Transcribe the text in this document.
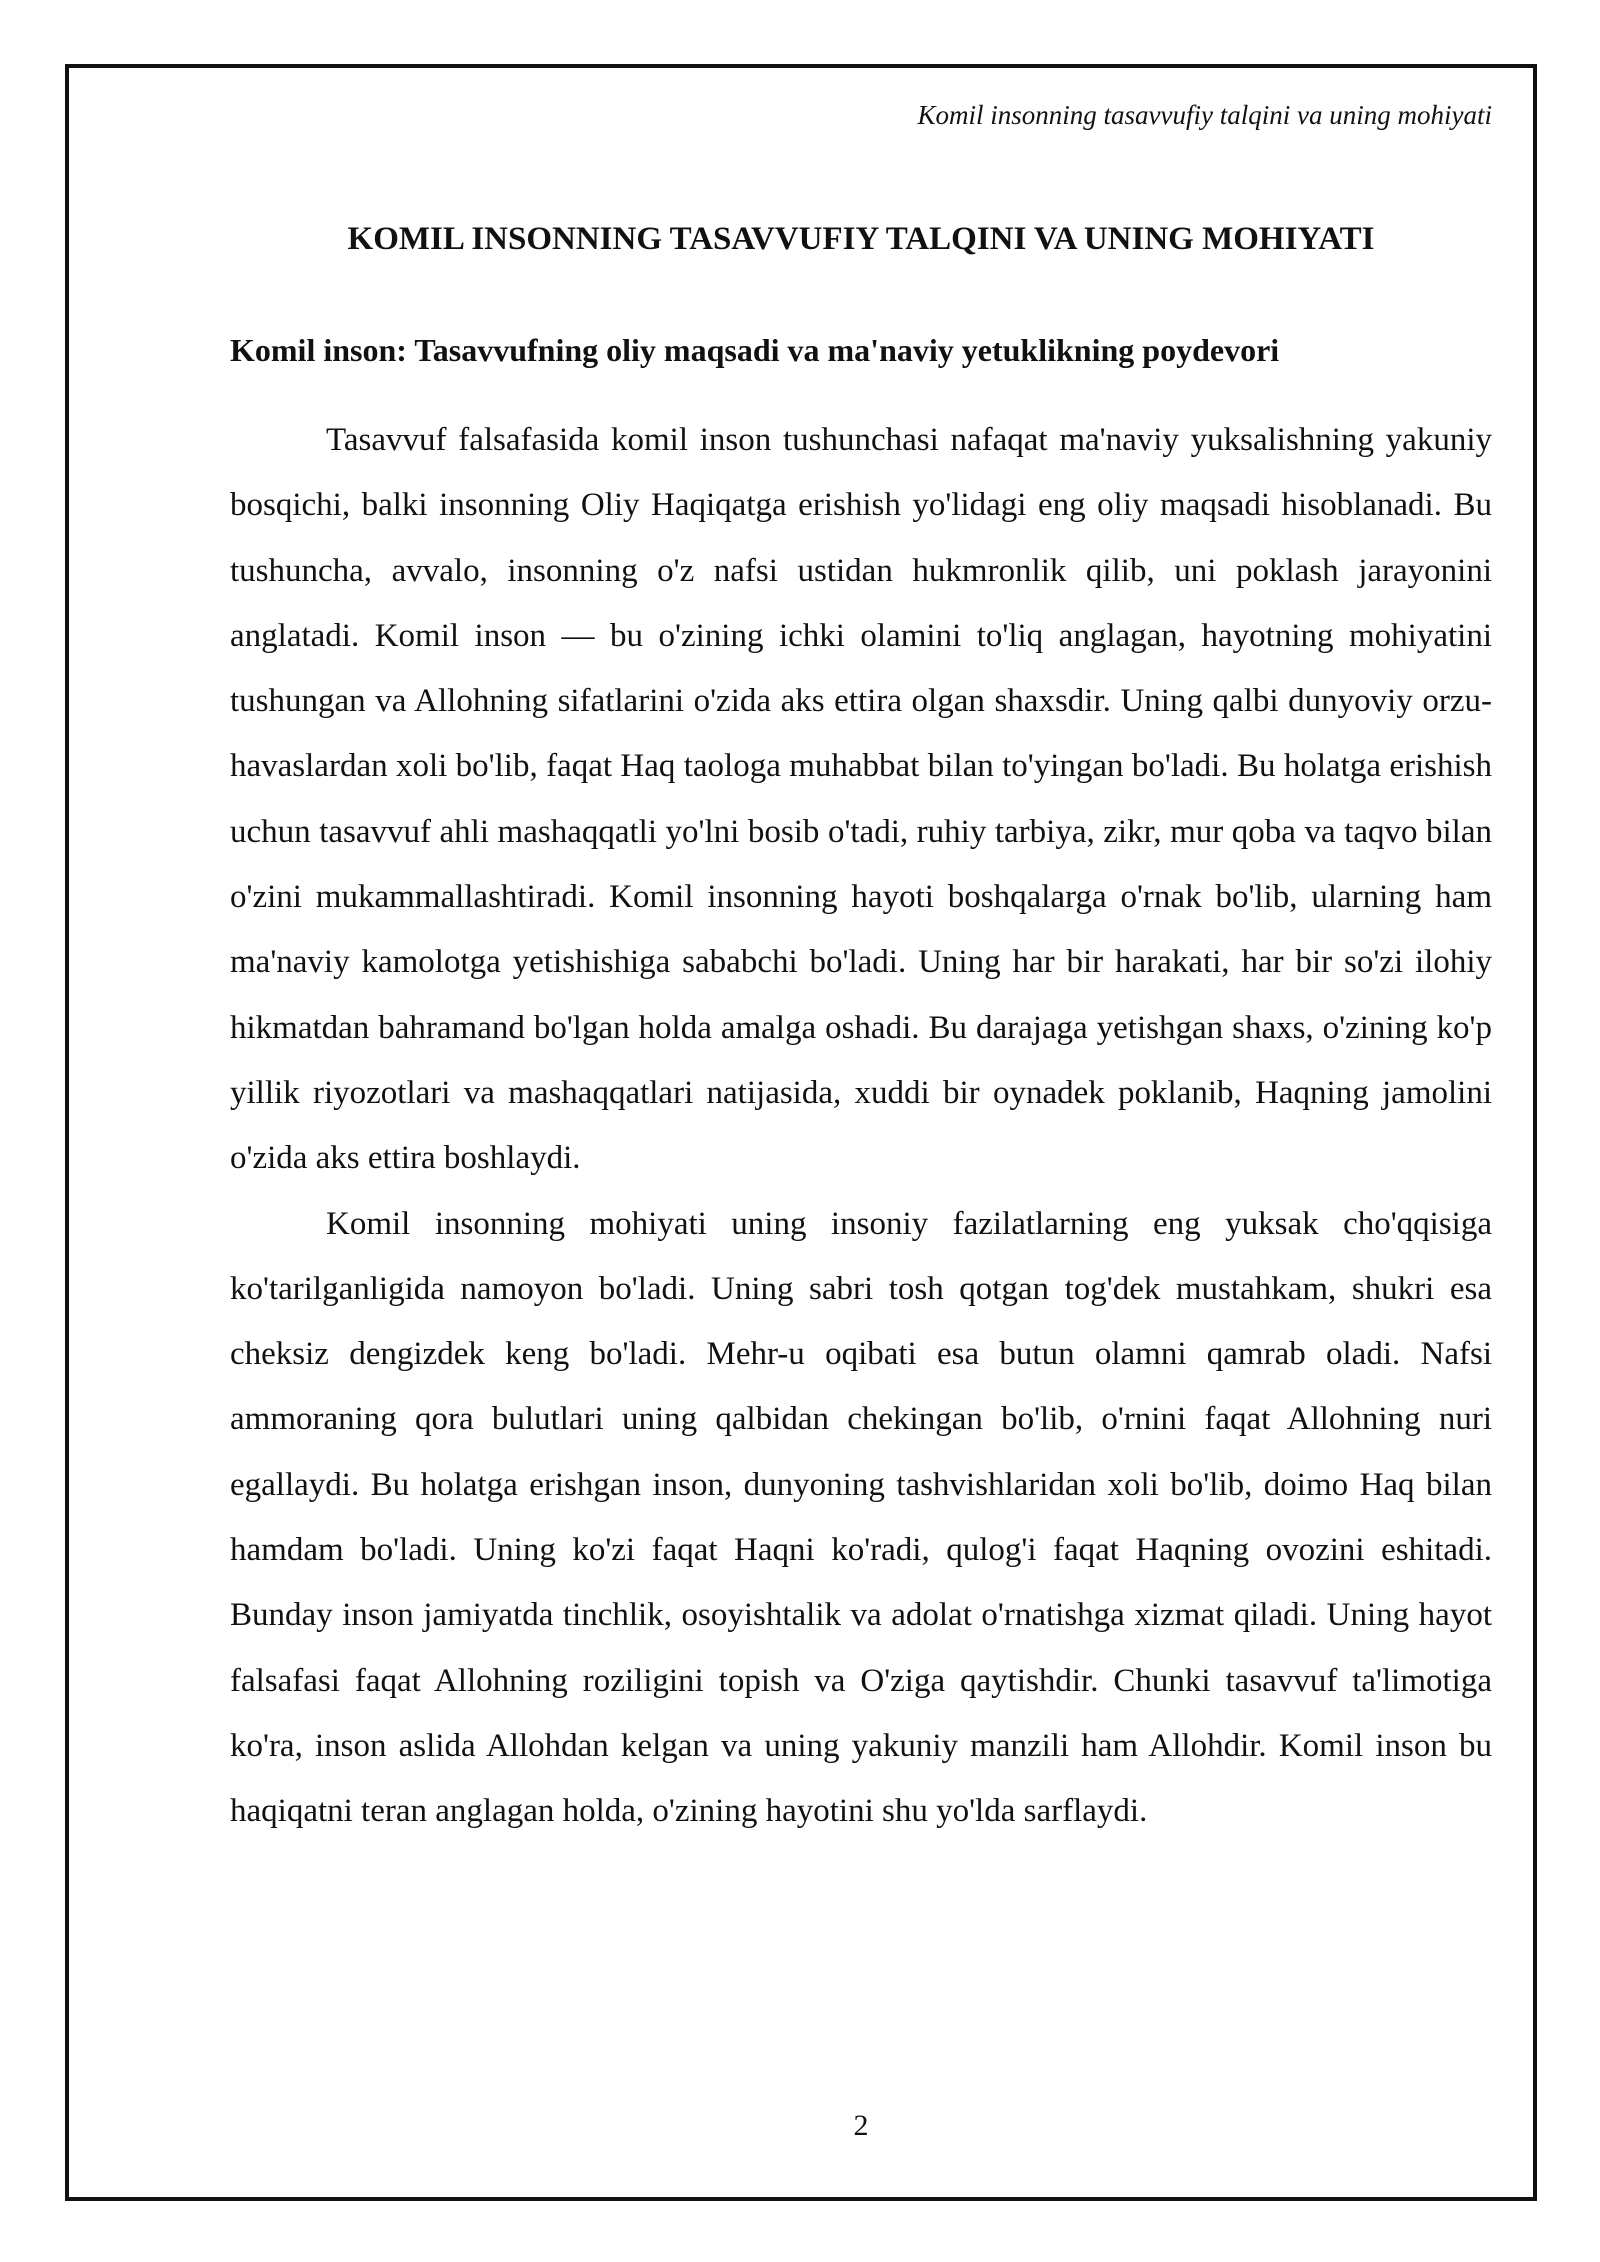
Komil insonning tasavvufiy talqini va uning mohiyati
KOMIL INSONNING TASAVVUFIY TALQINI VA UNING MOHIYATI
Komil inson: Tasavvufning oliy maqsadi va ma'naviy yetuklikning poydevori

Tasavvuf falsafasida komil inson tushunchasi nafaqat ma'naviy yuksalishning yakuniy bosqichi, balki insonning Oliy Haqiqatga erishish yo'lidagi eng oliy maqsadi hisoblanadi. Bu tushuncha, avvalo, insonning o'z nafsi ustidan hukmronlik qilib, uni poklash jarayonini anglatadi. Komil inson — bu o'zining ichki olamini to'liq anglagan, hayotning mohiyatini tushungan va Allohning sifatlarini o'zida aks ettira olgan shaxsdir. Uning qalbi dunyoviy orzu-havaslardan xoli bo'lib, faqat Haq taologa muhabbat bilan to'yingan bo'ladi. Bu holatga erishish uchun tasavvuf ahli mashaqqatli yo'lni bosib o'tadi, ruhiy tarbiya, zikr, mur qoba va taqvo bilan o'zini mukammallashtiradi. Komil insonning hayoti boshqalarga o'rnak bo'lib, ularning ham ma'naviy kamolotga yetishishiga sababchi bo'ladi. Uning har bir harakati, har bir so'zi ilohiy hikmatdan bahramand bo'lgan holda amalga oshadi. Bu darajaga yetishgan shaxs, o'zining ko'p yillik riyozotlari va mashaqqatlari natijasida, xuddi bir oynadek poklanib, Haqning jamolini o'zida aks ettira boshlaydi.

Komil insonning mohiyati uning insoniy fazilatlarning eng yuksak cho'qqisiga ko'tarilganligida namoyon bo'ladi. Uning sabri tosh qotgan tog'dek mustahkam, shukri esa cheksiz dengizdek keng bo'ladi. Mehr-u oqibati esa butun olamni qamrab oladi. Nafsi ammoraning qora bulutlari uning qalbidan chekingan bo'lib, o'rnini faqat Allohning nuri egallaydi. Bu holatga erishgan inson, dunyoning tashvishlaridan xoli bo'lib, doimo Haq bilan hamdam bo'ladi. Uning ko'zi faqat Haqni ko'radi, qulog'i faqat Haqning ovozini eshitadi. Bunday inson jamiyatda tinchlik, osoyishtalik va adolat o'rnatishga xizmat qiladi. Uning hayot falsafasi faqat Allohning roziligini topish va O'ziga qaytishdir. Chunki tasavvuf ta'limotiga ko'ra, inson aslida Allohdan kelgan va uning yakuniy manzili ham Allohdir. Komil inson bu haqiqatni teran anglagan holda, o'zining hayotini shu yo'lda sarflaydi.

2
